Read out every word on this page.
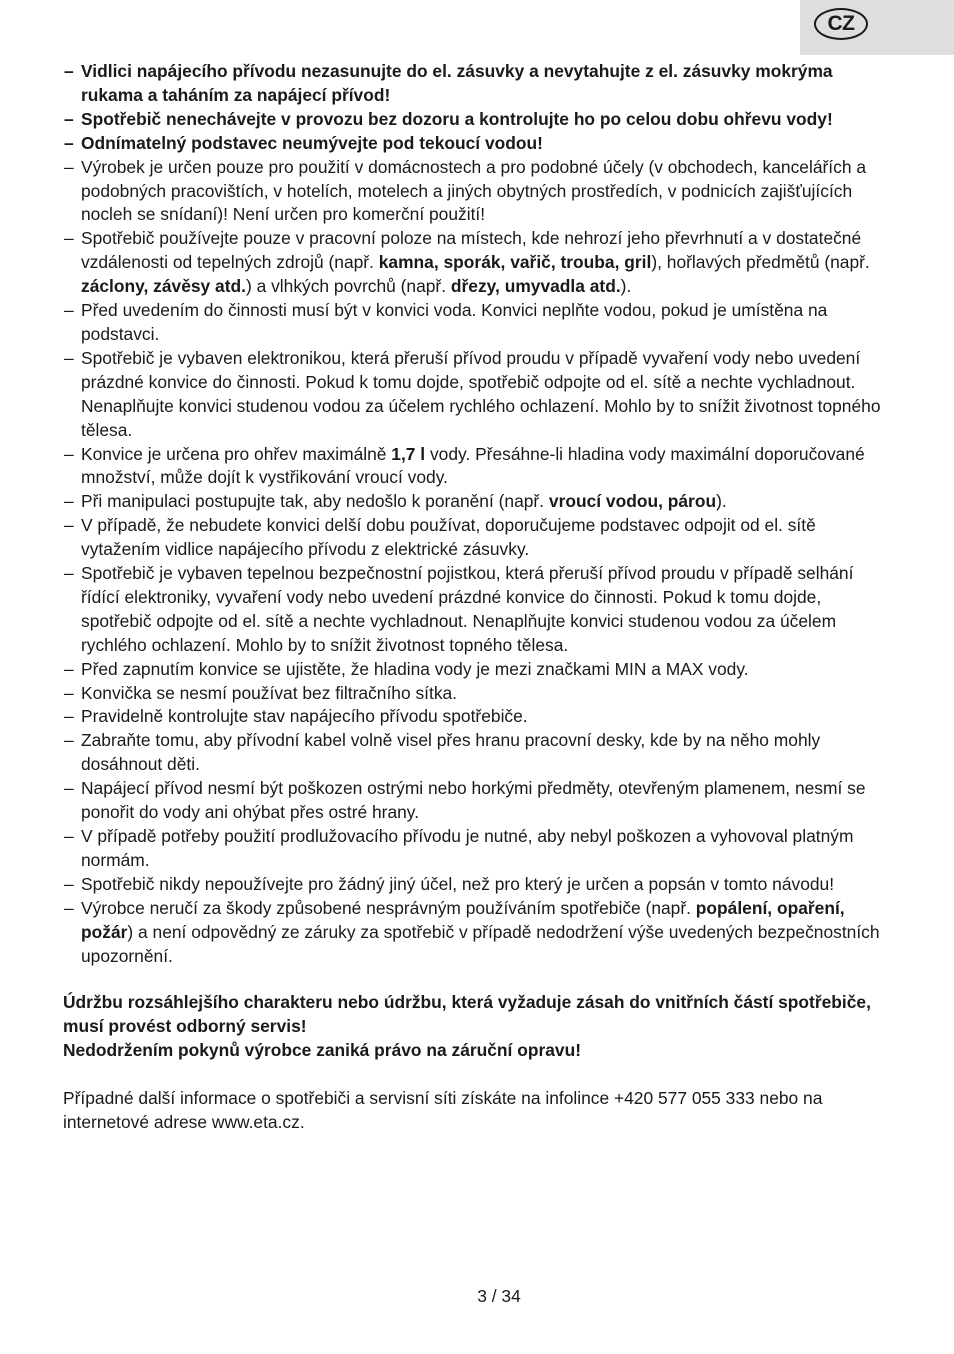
CZ
– Vidlici napájecího přívodu nezasunujte do el. zásuvky a nevytahujte z el. zásuvky mokrýma rukama a taháním za napájecí přívod!
– Spotřebič nenechávejte v provozu bez dozoru a kontrolujte ho po celou dobu ohřevu vody!
– Odnímatelný podstavec neumývejte pod tekoucí vodou!
– Výrobek je určen pouze pro použití v domácnostech a pro podobné účely (v obchodech, kancelářích a podobných pracovištích, v hotelích, motelech a jiných obytných prostředích, v podnicích zajišťujících nocleh se snídaní)! Není určen pro komerční použití!
– Spotřebič používejte pouze v pracovní poloze na místech, kde nehrozí jeho převrhnutí a v dostatečné vzdálenosti od tepelných zdrojů (např. kamna, sporák, vařič, trouba, gril), hořlavých předmětů (např. záclony, závěsy atd.) a vlhkých povrchů (např. dřezy, umyvadla atd.).
– Před uvedením do činnosti musí být v konvici voda. Konvici neplňte vodou, pokud je umístěna na podstavci.
– Spotřebič je vybaven elektronikou, která přeruší přívod proudu v případě vyvaření vody nebo uvedení prázdné konvice do činnosti. Pokud k tomu dojde, spotřebič odpojte od el. sítě a nechte vychladnout. Nenaplňujte konvici studenou vodou za účelem rychlého ochlazení. Mohlo by to snížit životnost topného tělesa.
– Konvice je určena pro ohřev maximálně 1,7 l vody. Přesáhne-li hladina vody maximální doporučované množství, může dojít k vystřikování vroucí vody.
– Při manipulaci postupujte tak, aby nedošlo k poranění (např. vroucí vodou, párou).
– V případě, že nebudete konvici delší dobu používat, doporučujeme podstavec odpojit od el. sítě vytažením vidlice napájecího přívodu z elektrické zásuvky.
– Spotřebič je vybaven tepelnou bezpečnostní pojistkou, která přeruší přívod proudu v případě selhání řídící elektroniky, vyvaření vody nebo uvedení prázdné konvice do činnosti. Pokud k tomu dojde, spotřebič odpojte od el. sítě a nechte vychladnout. Nenaplňujte konvici studenou vodou za účelem rychlého ochlazení. Mohlo by to snížit životnost topného tělesa.
– Před zapnutím konvice se ujistěte, že hladina vody je mezi značkami MIN a MAX vody.
– Konvička se nesmí používat bez filtračního sítka.
– Pravidelně kontrolujte stav napájecího přívodu spotřebiče.
– Zabraňte tomu, aby přívodní kabel volně visel přes hranu pracovní desky, kde by na něho mohly dosáhnout děti.
– Napájecí přívod nesmí být poškozen ostrými nebo horkými předměty, otevřeným plamenem, nesmí se ponořit do vody ani ohýbat přes ostré hrany.
– V případě potřeby použití prodlužovacího přívodu je nutné, aby nebyl poškozen a vyhovoval platným normám.
– Spotřebič nikdy nepoužívejte pro žádný jiný účel, než pro který je určen a popsán v tomto návodu!
– Výrobce neručí za škody způsobené nesprávným používáním spotřebiče (např. popálení, opaření, požár) a není odpovědný ze záruky za spotřebič v případě nedodržení výše uvedených bezpečnostních upozornění.

Údržbu rozsáhlejšího charakteru nebo údržbu, která vyžaduje zásah do vnitřních částí spotřebiče, musí provést odborný servis!

Nedodržením pokynů výrobce zaniká právo na záruční opravu!

Případné další informace o spotřebiči a servisní síti získáte na infolince +420 577 055 333 nebo na internetové adrese www.eta.cz.

3 / 34
